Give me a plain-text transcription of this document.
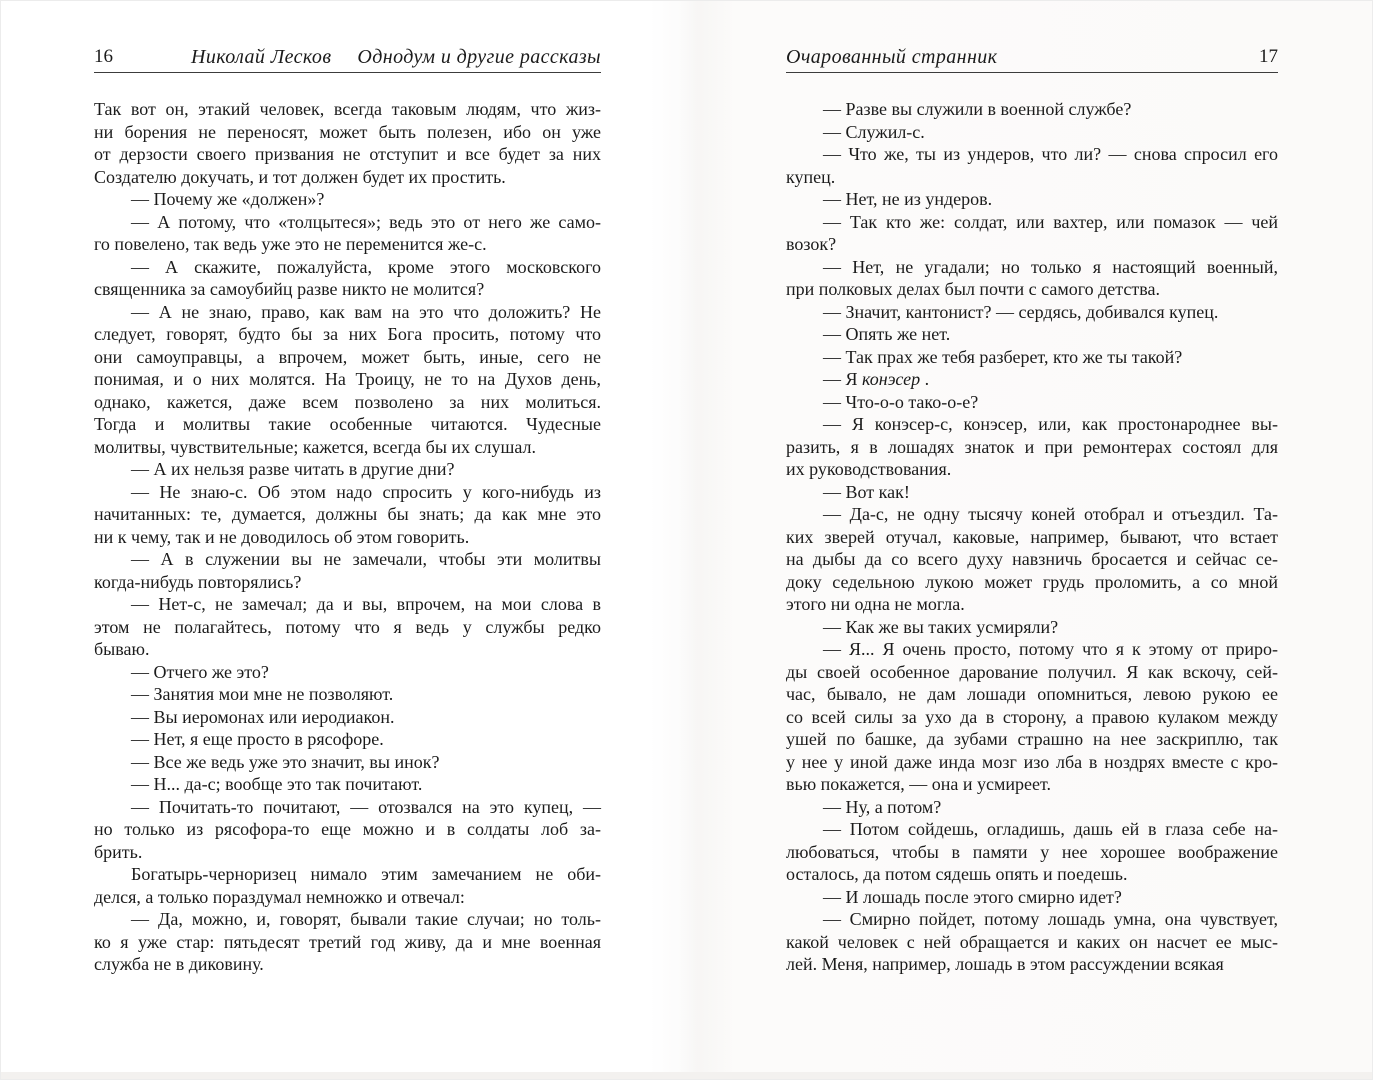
16	Николай Лесков Однодум и другие рассказы
Так вот он, этакий человек, всегда таковым людям, что жиз-
ни борения не переносят, может быть полезен, ибо он уже
от дерзости своего призвания не отступит и все будет за них
Создателю докучать, и тот должен будет их простить.
— Почему же «должен»?
— А потому, что «толцытеся»; ведь это от него же само-
го повелено, так ведь уже это не переменится же-с.
— А скажите, пожалуйста, кроме этого московского
священника за самоубийц разве никто не молится?
— А не знаю, право, как вам на это что доложить? Не
следует, говорят, будто бы за них Бога просить, потому что
они самоуправцы, а впрочем, может быть, иные, сего не
понимая, и о них молятся. На Троицу, не то на Духов день,
однако, кажется, даже всем позволено за них молиться.
Тогда и молитвы такие особенные читаются. Чудесные
молитвы, чувствительные; кажется, всегда бы их слушал.
— А их нельзя разве читать в другие дни?
— Не знаю-с. Об этом надо спросить у кого-нибудь из
начитанных: те, думается, должны бы знать; да как мне это
ни к чему, так и не доводилось об этом говорить.
— А в служении вы не замечали, чтобы эти молитвы
когда-нибудь повторялись?
— Нет-с, не замечал; да и вы, впрочем, на мои слова в
этом не полагайтесь, потому что я ведь у службы редко
бываю.
— Отчего же это?
— Занятия мои мне не позволяют.
— Вы иеромонах или иеродиакон.
— Нет, я еще просто в рясофоре.
— Все же ведь уже это значит, вы инок?
— Н... да-с; вообще это так почитают.
— Почитать-то почитают, — отозвался на это купец, —
но только из рясофора-то еще можно и в солдаты лоб за-
брить.
Богатырь-черноризец нимало этим замечанием не оби-
делся, а только пораздумал немножко и отвечал:
— Да, можно, и, говорят, бывали такие случаи; но толь-
ко я уже стар: пятьдесят третий год живу, да и мне военная
служба не в диковину.
Очарованный странник	17
— Разве вы служили в военной службе?
— Служил-с.
— Что же, ты из ундеров, что ли? — снова спросил его
купец.
— Нет, не из ундеров.
— Так кто же: солдат, или вахтер, или помазок — чей
возок?
— Нет, не угадали; но только я настоящий военный,
при полковых делах был почти с самого детства.
— Значит, кантонист? — сердясь, добивался купец.
— Опять же нет.
— Так прах же тебя разберет, кто же ты такой?
— Я конэсер .
— Что-о-о тако-о-е?
— Я конэсер-с, конэсер, или, как простонароднее вы-
разить, я в лошадях знаток и при ремонтерах состоял для
их руководствования.
— Вот как!
— Да-с, не одну тысячу коней отобрал и отъездил. Та-
ких зверей отучал, каковые, например, бывают, что встает
на дыбы да со всего духу навзничь бросается и сейчас се-
доку седельною лукою может грудь проломить, а со мной
этого ни одна не могла.
— Как же вы таких усмиряли?
— Я... Я очень просто, потому что я к этому от приро-
ды своей особенное дарование получил. Я как вскочу, сей-
час, бывало, не дам лошади опомниться, левою рукою ее
со всей силы за ухо да в сторону, а правою кулаком между
ушей по башке, да зубами страшно на нее заскриплю, так
у нее у иной даже инда мозг изо лба в ноздрях вместе с кро-
вью покажется, — она и усмиреет.
— Ну, а потом?
— Потом сойдешь, огладишь, дашь ей в глаза себе на-
любоваться, чтобы в памяти у нее хорошее воображение
осталось, да потом сядешь опять и поедешь.
— И лошадь после этого смирно идет?
— Смирно пойдет, потому лошадь умна, она чувствует,
какой человек с ней обращается и каких он насчет ее мыс-
лей. Меня, например, лошадь в этом рассуждении всякая
